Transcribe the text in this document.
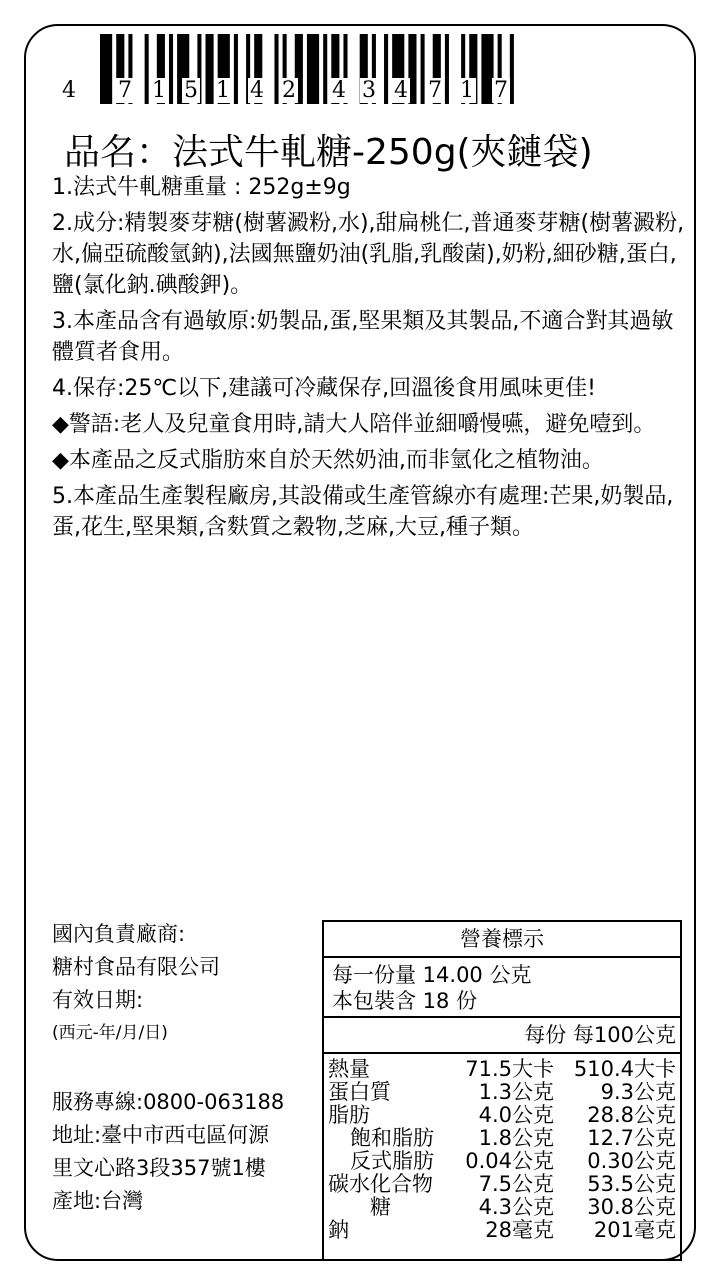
4 7 1 5 1 4 2 4 3 4 7 1 7
品名：法式牛軋糖-250g(夾鏈袋)

1.法式牛軋糖重量 : 252g±9g

2.成分:精製麥芽糖(樹薯澱粉,水),甜扁桃仁,普通麥芽糖(樹薯澱粉,水,偏亞硫酸氫鈉),法國無鹽奶油(乳脂,乳酸菌),奶粉,細砂糖,蛋白,鹽(氯化鈉.碘酸鉀)。

3.本產品含有過敏原:奶製品,蛋,堅果類及其製品,不適合對其過敏體質者食用。

4.保存:25℃以下,建議可冷藏保存,回溫後食用風味更佳!

◆警語:老人及兒童食用時,請大人陪伴並細嚼慢嚥，避免噎到。

◆本產品之反式脂肪來自於天然奶油,而非氫化之植物油。

5.本產品生產製程廠房,其設備或生產管線亦有處理:芒果,奶製品,蛋,花生,堅果類,含麩質之穀物,芝麻,大豆,種子類。

國內負責廠商:
糖村食品有限公司
有效日期:
(西元-年/月/日)
服務專線:0800-063188
地址:臺中市西屯區何源
里文心路3段357號1樓
產地:台灣
營養標示
每一份量 14.00 公克
本包裝含 18 份
每份 每100公克
熱量	71.5大卡 510.4大卡
蛋白質	1.3公克	9.3公克
脂肪	4.0公克	28.8公克
飽和脂肪	1.8公克	12.7公克
反式脂肪	0.04公克	0.30公克
碳水化合物	7.5公克	53.5公克
糖	4.3公克	30.8公克
鈉	28毫克	201毫克
